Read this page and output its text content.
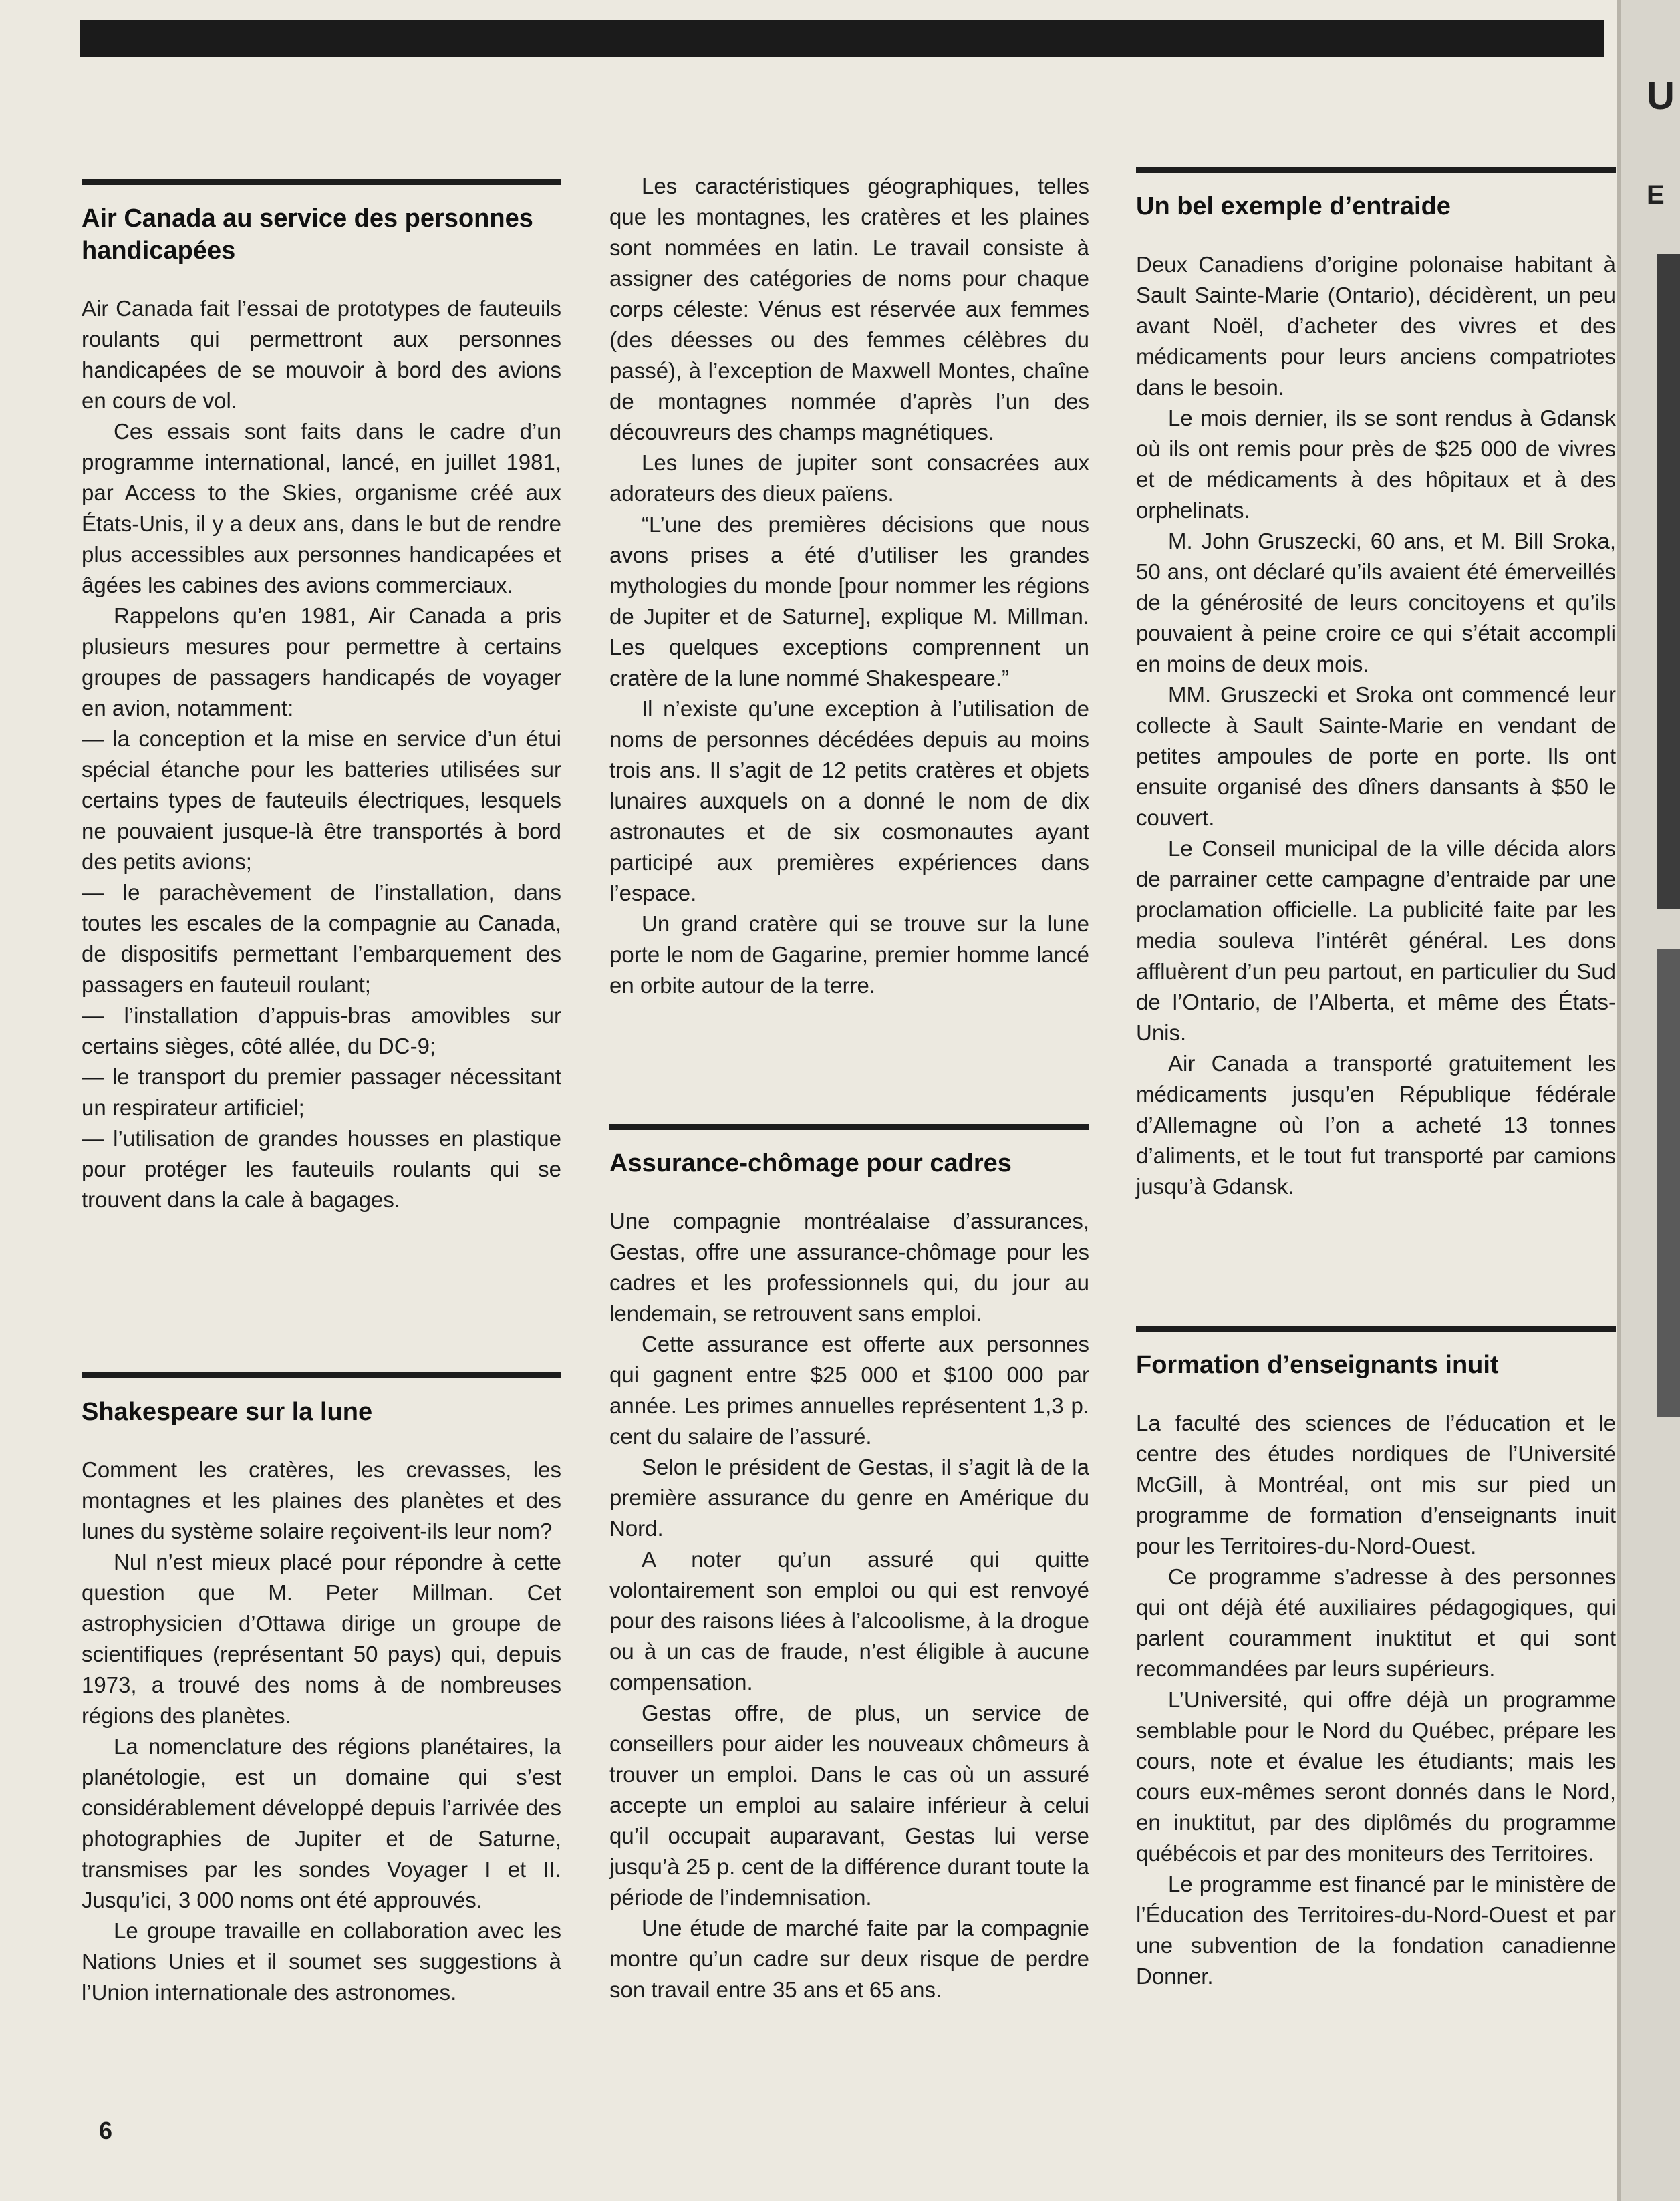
U
E
Air Canada au service des personnes handicapées

Air Canada fait l’essai de prototypes de fauteuils roulants qui permettront aux personnes handicapées de se mouvoir à bord des avions en cours de vol.

Ces essais sont faits dans le cadre d’un programme international, lancé, en juillet 1981, par Access to the Skies, organisme créé aux États-Unis, il y a deux ans, dans le but de rendre plus accessibles aux personnes handicapées et âgées les cabines des avions commerciaux.

Rappelons qu’en 1981, Air Canada a pris plusieurs mesures pour permettre à certains groupes de passagers handicapés de voyager en avion, notamment:

— la conception et la mise en service d’un étui spécial étanche pour les batteries utilisées sur certains types de fauteuils électriques, lesquels ne pouvaient jusque-là être transportés à bord des petits avions;

— le parachèvement de l’installation, dans toutes les escales de la compagnie au Canada, de dispositifs permettant l’embarquement des passagers en fauteuil roulant;

— l’installation d’appuis-bras amovibles sur certains sièges, côté allée, du DC-9;

— le transport du premier passager nécessitant un respirateur artificiel;

— l’utilisation de grandes housses en plastique pour protéger les fauteuils roulants qui se trouvent dans la cale à bagages.

Shakespeare sur la lune

Comment les cratères, les crevasses, les montagnes et les plaines des planètes et des lunes du système solaire reçoivent-ils leur nom?

Nul n’est mieux placé pour répondre à cette question que M. Peter Millman. Cet astrophysicien d’Ottawa dirige un groupe de scientifiques (représentant 50 pays) qui, depuis 1973, a trouvé des noms à de nombreuses régions des planètes.

La nomenclature des régions planétaires, la planétologie, est un domaine qui s’est considérablement développé depuis l’arrivée des photographies de Jupiter et de Saturne, transmises par les sondes Voyager I et II. Jusqu’ici, 3 000 noms ont été approuvés.

Le groupe travaille en collaboration avec les Nations Unies et il soumet ses suggestions à l’Union internationale des astronomes.

Les caractéristiques géographiques, telles que les montagnes, les cratères et les plaines sont nommées en latin. Le travail consiste à assigner des catégories de noms pour chaque corps céleste: Vénus est réservée aux femmes (des déesses ou des femmes célèbres du passé), à l’exception de Maxwell Montes, chaîne de montagnes nommée d’après l’un des découvreurs des champs magnétiques.

Les lunes de jupiter sont consacrées aux adorateurs des dieux païens.

“L’une des premières décisions que nous avons prises a été d’utiliser les grandes mythologies du monde [pour nommer les régions de Jupiter et de Saturne], explique M. Millman. Les quelques exceptions comprennent un cratère de la lune nommé Shakespeare.”

Il n’existe qu’une exception à l’utilisation de noms de personnes décédées depuis au moins trois ans. Il s’agit de 12 petits cratères et objets lunaires auxquels on a donné le nom de dix astronautes et de six cosmonautes ayant participé aux premières expériences dans l’espace.

Un grand cratère qui se trouve sur la lune porte le nom de Gagarine, premier homme lancé en orbite autour de la terre.

Assurance-chômage pour cadres

Une compagnie montréalaise d’assurances, Gestas, offre une assurance-chômage pour les cadres et les professionnels qui, du jour au lendemain, se retrouvent sans emploi.

Cette assurance est offerte aux personnes qui gagnent entre $25 000 et $100 000 par année. Les primes annuelles représentent 1,3 p. cent du salaire de l’assuré.

Selon le président de Gestas, il s’agit là de la première assurance du genre en Amérique du Nord.

A noter qu’un assuré qui quitte volontairement son emploi ou qui est renvoyé pour des raisons liées à l’alcoolisme, à la drogue ou à un cas de fraude, n’est éligible à aucune compensation.

Gestas offre, de plus, un service de conseillers pour aider les nouveaux chômeurs à trouver un emploi. Dans le cas où un assuré accepte un emploi au salaire inférieur à celui qu’il occupait auparavant, Gestas lui verse jusqu’à 25 p. cent de la différence durant toute la période de l’indemnisation.

Une étude de marché faite par la compagnie montre qu’un cadre sur deux risque de perdre son travail entre 35 ans et 65 ans.

Un bel exemple d’entraide

Deux Canadiens d’origine polonaise habitant à Sault Sainte-Marie (Ontario), décidèrent, un peu avant Noël, d’acheter des vivres et des médicaments pour leurs anciens compatriotes dans le besoin.

Le mois dernier, ils se sont rendus à Gdansk où ils ont remis pour près de $25 000 de vivres et de médicaments à des hôpitaux et à des orphelinats.

M. John Gruszecki, 60 ans, et M. Bill Sroka, 50 ans, ont déclaré qu’ils avaient été émerveillés de la générosité de leurs concitoyens et qu’ils pouvaient à peine croire ce qui s’était accompli en moins de deux mois.

MM. Gruszecki et Sroka ont commencé leur collecte à Sault Sainte-Marie en vendant de petites ampoules de porte en porte. Ils ont ensuite organisé des dîners dansants à $50 le couvert.

Le Conseil municipal de la ville décida alors de parrainer cette campagne d’entraide par une proclamation officielle. La publicité faite par les media souleva l’intérêt général. Les dons affluèrent d’un peu partout, en particulier du Sud de l’Ontario, de l’Alberta, et même des États-Unis.

Air Canada a transporté gratuitement les médicaments jusqu’en République fédérale d’Allemagne où l’on a acheté 13 tonnes d’aliments, et le tout fut transporté par camions jusqu’à Gdansk.

Formation d’enseignants inuit

La faculté des sciences de l’éducation et le centre des études nordiques de l’Université McGill, à Montréal, ont mis sur pied un programme de formation d’enseignants inuit pour les Territoires-du-Nord-Ouest.

Ce programme s’adresse à des personnes qui ont déjà été auxiliaires pédagogiques, qui parlent couramment inuktitut et qui sont recommandées par leurs supérieurs.

L’Université, qui offre déjà un programme semblable pour le Nord du Québec, prépare les cours, note et évalue les étudiants; mais les cours eux-mêmes seront donnés dans le Nord, en inuktitut, par des diplômés du programme québécois et par des moniteurs des Territoires.

Le programme est financé par le ministère de l’Éducation des Territoires-du-Nord-Ouest et par une subvention de la fondation canadienne Donner.

6
